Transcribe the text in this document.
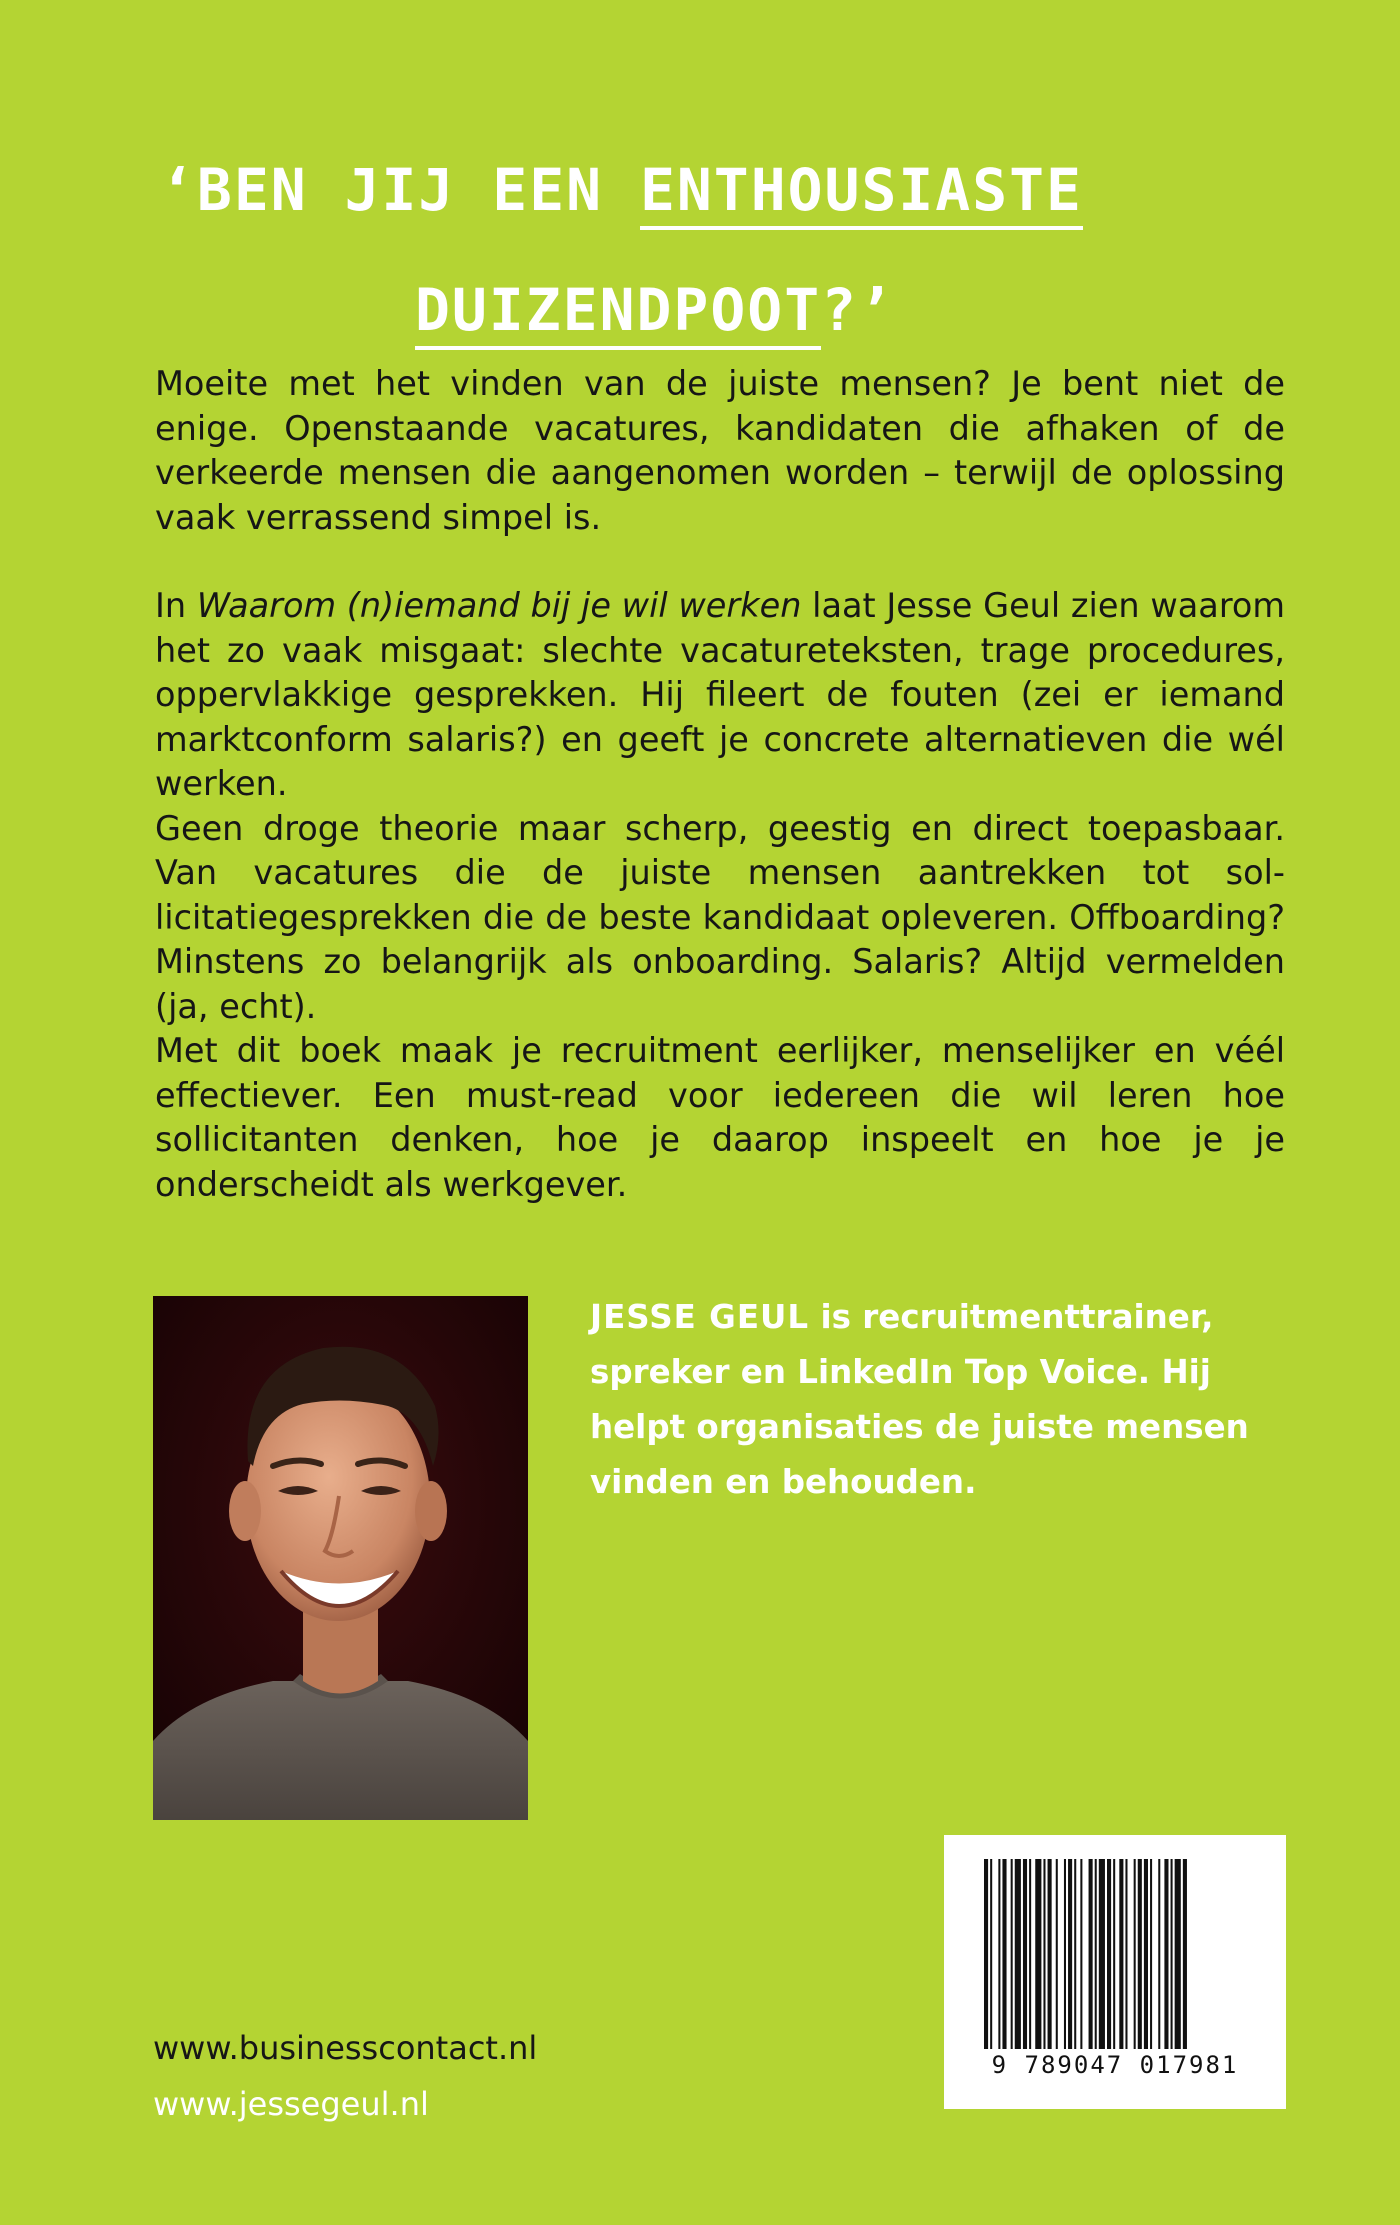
‘BEN JIJ EEN ENTHOUSIASTE
DUIZENDPOOT?’

Moeite met het vinden van de juiste mensen? Je bent niet de enige. Openstaande vacatures, kandidaten die afhaken of de verkeerde mensen die aangenomen worden – terwijl de oplossing vaak verrassend simpel is.

In Waarom (n)iemand bij je wil werken laat Jesse Geul zien waarom het zo vaak misgaat: slechte vacatureteksten, trage procedures, oppervlakkige gesprekken. Hij fileert de fouten (zei er iemand marktconform salaris?) en geeft je concrete alternatieven die wél werken.

Geen droge theorie maar scherp, geestig en direct toepasbaar. Van vacatures die de juiste mensen aantrekken tot sollicitatiegesprekken die de beste kandidaat opleveren. Offboarding? Minstens zo belangrijk als onboarding. Salaris? Altijd vermelden (ja, echt).

Met dit boek maak je recruitment eerlijker, menselijker en véél effectiever. Een must-read voor iedereen die wil leren hoe sollicitanten denken, hoe je daarop inspeelt en hoe je je onderscheidt als werkgever.

JESSE GEUL is recruitmenttrainer, spreker en LinkedIn Top Voice. Hij helpt organisaties de juiste mensen vinden en behouden.
www.businesscontact.nl
www.jessegeul.nl
9 789047 017981
